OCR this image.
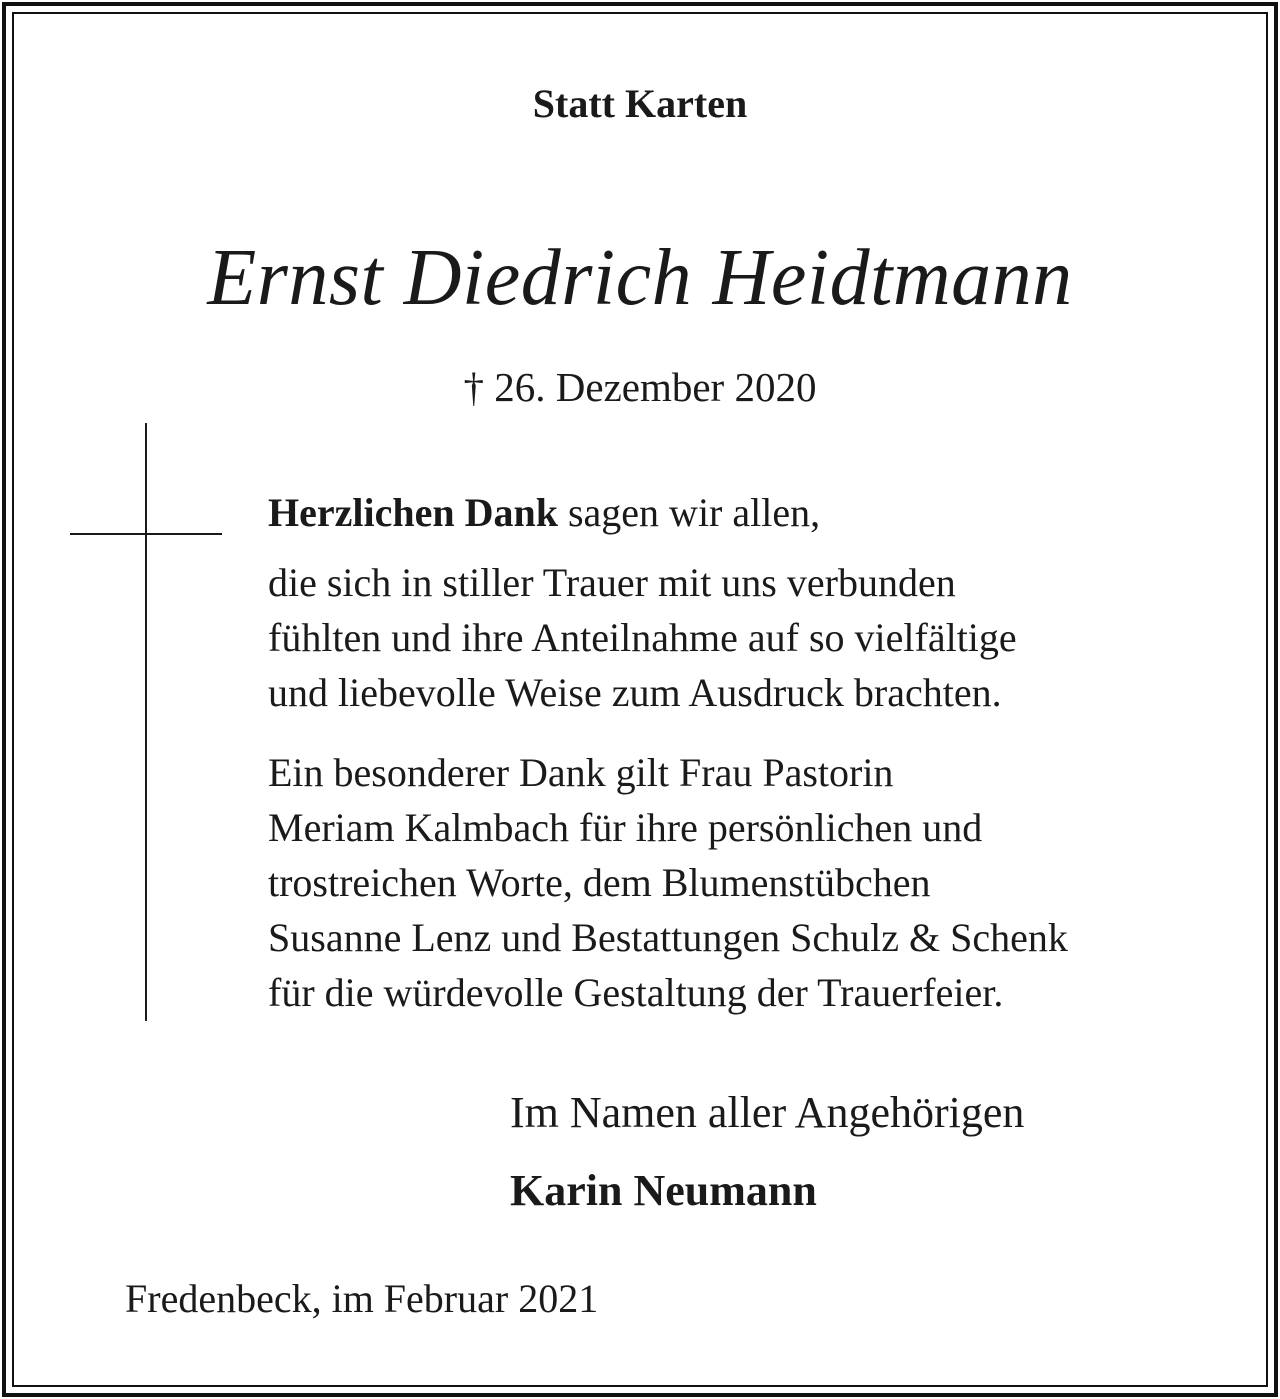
Statt Karten
Ernst Diedrich Heidtmann
† 26. Dezember 2020

Herzlichen Dank sagen wir allen,

die sich in stiller Trauer mit uns verbunden
fühlten und ihre Anteilnahme auf so vielfältige
und liebevolle Weise zum Ausdruck brachten.

Ein besonderer Dank gilt Frau Pastorin
Meriam Kalmbach für ihre persönlichen und
trostreichen Worte, dem Blumenstübchen
Susanne Lenz und Bestattungen Schulz & Schenk
für die würdevolle Gestaltung der Trauerfeier.

Im Namen aller Angehörigen
Karin Neumann
Fredenbeck, im Februar 2021
